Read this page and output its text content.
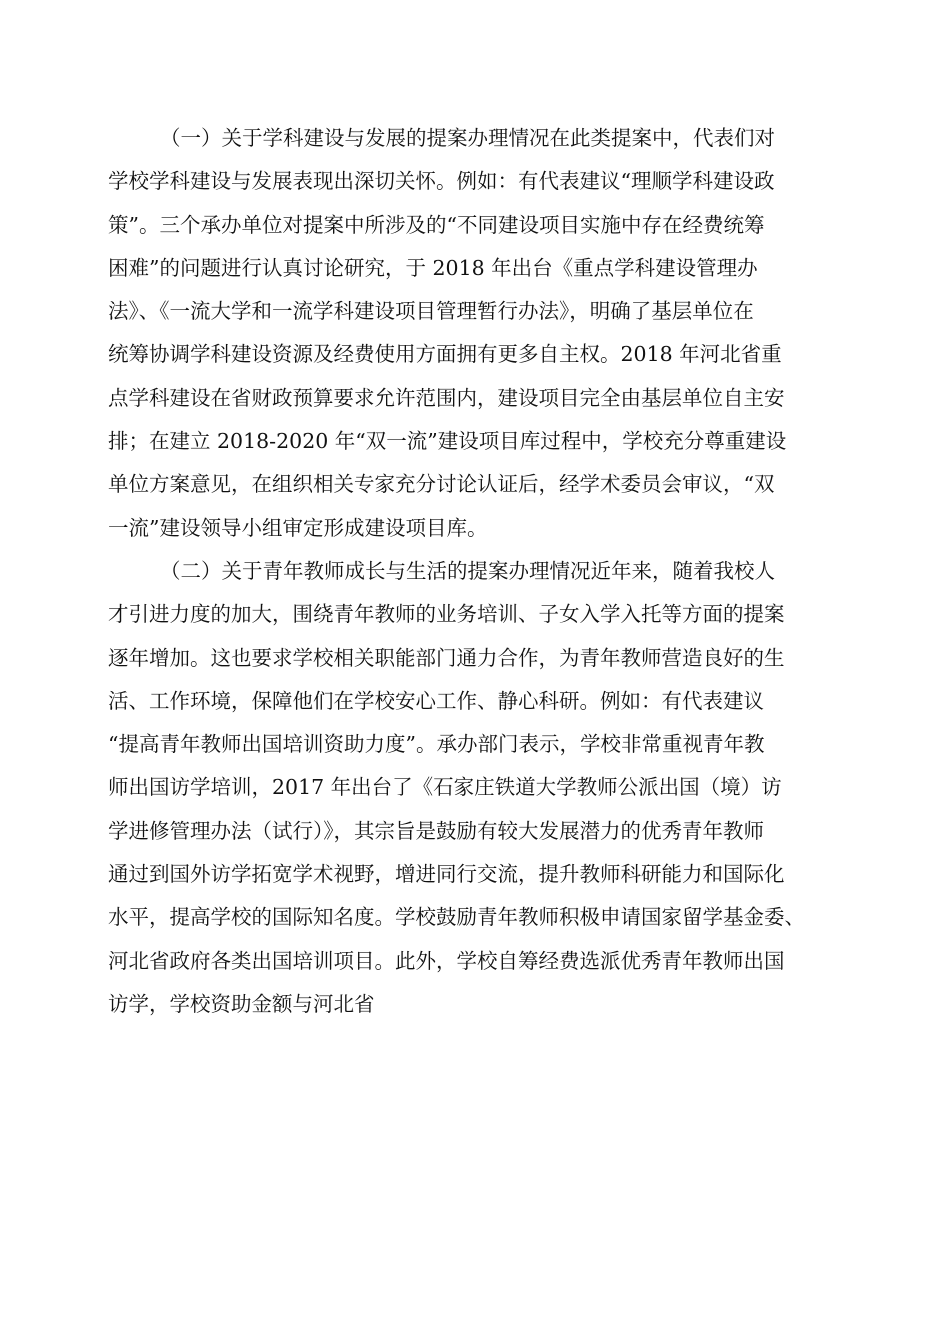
（一）关于学科建设与发展的提案办理情况在此类提案中，代表们对
学校学科建设与发展表现出深切关怀。例如：有代表建议“理顺学科建设政
策”。三个承办单位对提案中所涉及的“不同建设项目实施中存在经费统筹
困难”的问题进行认真讨论研究，于 2018 年出台《重点学科建设管理办
法》、《一流大学和一流学科建设项目管理暂行办法》，明确了基层单位在
统筹协调学科建设资源及经费使用方面拥有更多自主权。2018 年河北省重
点学科建设在省财政预算要求允许范围内，建设项目完全由基层单位自主安
排；在建立 2018-2020 年“双一流”建设项目库过程中，学校充分尊重建设
单位方案意见，在组织相关专家充分讨论认证后，经学术委员会审议，“双
一流”建设领导小组审定形成建设项目库。
（二）关于青年教师成长与生活的提案办理情况近年来，随着我校人
才引进力度的加大，围绕青年教师的业务培训、子女入学入托等方面的提案
逐年增加。这也要求学校相关职能部门通力合作，为青年教师营造良好的生
活、工作环境，保障他们在学校安心工作、静心科研。例如：有代表建议
“提高青年教师出国培训资助力度”。承办部门表示，学校非常重视青年教
师出国访学培训，2017 年出台了《石家庄铁道大学教师公派出国（境）访
学进修管理办法（试行）》，其宗旨是鼓励有较大发展潜力的优秀青年教师
通过到国外访学拓宽学术视野，增进同行交流，提升教师科研能力和国际化
水平，提高学校的国际知名度。学校鼓励青年教师积极申请国家留学基金委、
河北省政府各类出国培训项目。此外，学校自筹经费选派优秀青年教师出国
访学，学校资助金额与河北省
